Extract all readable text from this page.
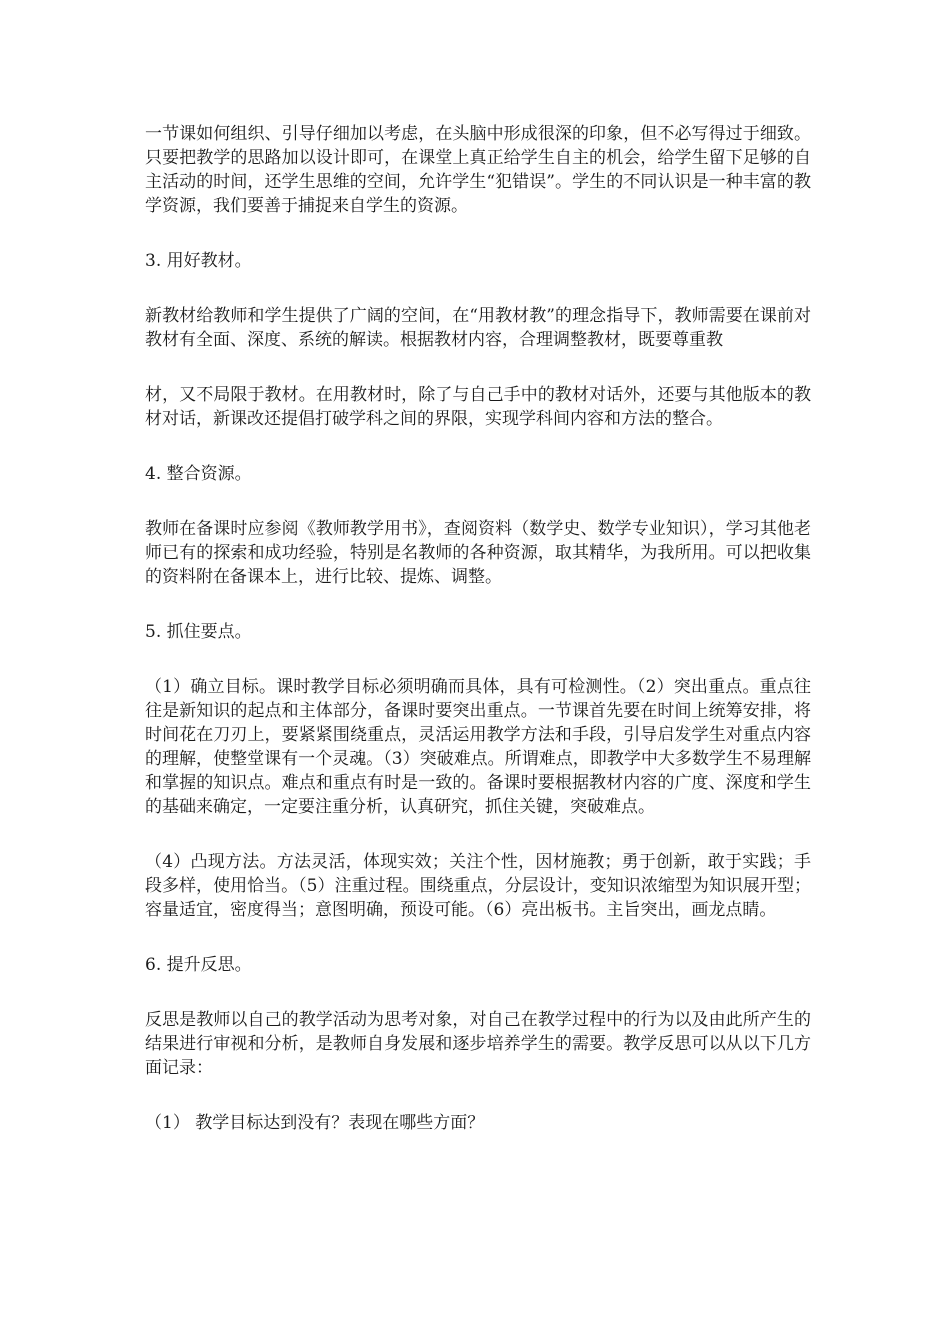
一节课如何组织、引导仔细加以考虑，在头脑中形成很深的印象，但不必写得过于细致。只要把教学的思路加以设计即可，在课堂上真正给学生自主的机会，给学生留下足够的自主活动的时间，还学生思维的空间，允许学生“犯错误”。学生的不同认识是一种丰富的教学资源，我们要善于捕捉来自学生的资源。

3. 用好教材。

新教材给教师和学生提供了广阔的空间，在“用教材教”的理念指导下，教师需要在课前对教材有全面、深度、系统的解读。根据教材内容，合理调整教材，既要尊重教

材，又不局限于教材。在用教材时，除了与自己手中的教材对话外，还要与其他版本的教材对话，新课改还提倡打破学科之间的界限，实现学科间内容和方法的整合。

4. 整合资源。

教师在备课时应参阅《教师教学用书》，查阅资料（数学史、数学专业知识），学习其他老师已有的探索和成功经验，特别是名教师的各种资源，取其精华，为我所用。可以把收集的资料附在备课本上，进行比较、提炼、调整。

5. 抓住要点。

（1）确立目标。课时教学目标必须明确而具体，具有可检测性。（2）突出重点。重点往往是新知识的起点和主体部分，备课时要突出重点。一节课首先要在时间上统筹安排，将时间花在刀刃上，要紧紧围绕重点，灵活运用教学方法和手段，引导启发学生对重点内容的理解，使整堂课有一个灵魂。（3）突破难点。所谓难点，即教学中大多数学生不易理解和掌握的知识点。难点和重点有时是一致的。备课时要根据教材内容的广度、深度和学生的基础来确定，一定要注重分析，认真研究，抓住关键，突破难点。

（4）凸现方法。方法灵活，体现实效；关注个性，因材施教；勇于创新，敢于实践；手段多样，使用恰当。（5）注重过程。围绕重点，分层设计，变知识浓缩型为知识展开型；容量适宜，密度得当；意图明确，预设可能。（6）亮出板书。主旨突出，画龙点睛。

6. 提升反思。

反思是教师以自己的教学活动为思考对象，对自己在教学过程中的行为以及由此所产生的结果进行审视和分析，是教师自身发展和逐步培养学生的需要。教学反思可以从以下几方面记录：

（1） 教学目标达到没有？表现在哪些方面？
